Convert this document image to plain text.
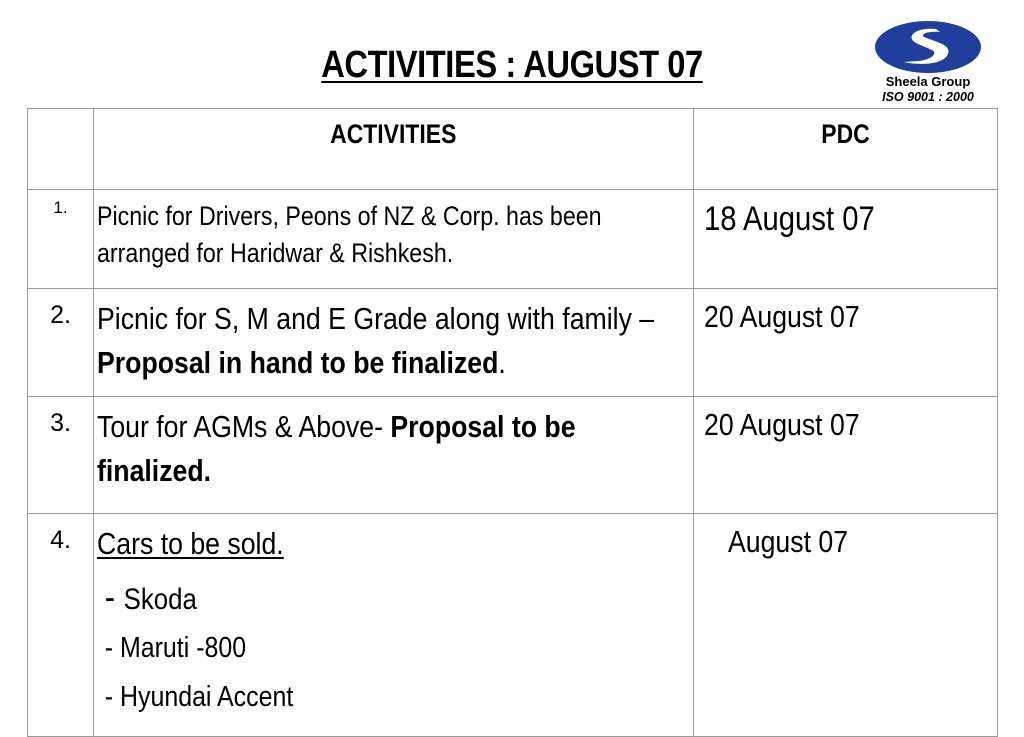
ACTIVITIES : AUGUST 07	Sheela Group
ISO 9001 : 2000
	ACTIVITIES	PDC
1.	Picnic for Drivers, Peons of NZ & Corp. has been arranged for Haridwar & Rishkesh.	18 August 07
2.	Picnic for S, M and E Grade along with family – Proposal in hand to be finalized.	20 August 07
3.	Tour for AGMs & Above- Proposal to be finalized.	20 August 07
4.	Cars to be sold.
- Skoda
- Maruti -800
- Hyundai Accent	August 07
